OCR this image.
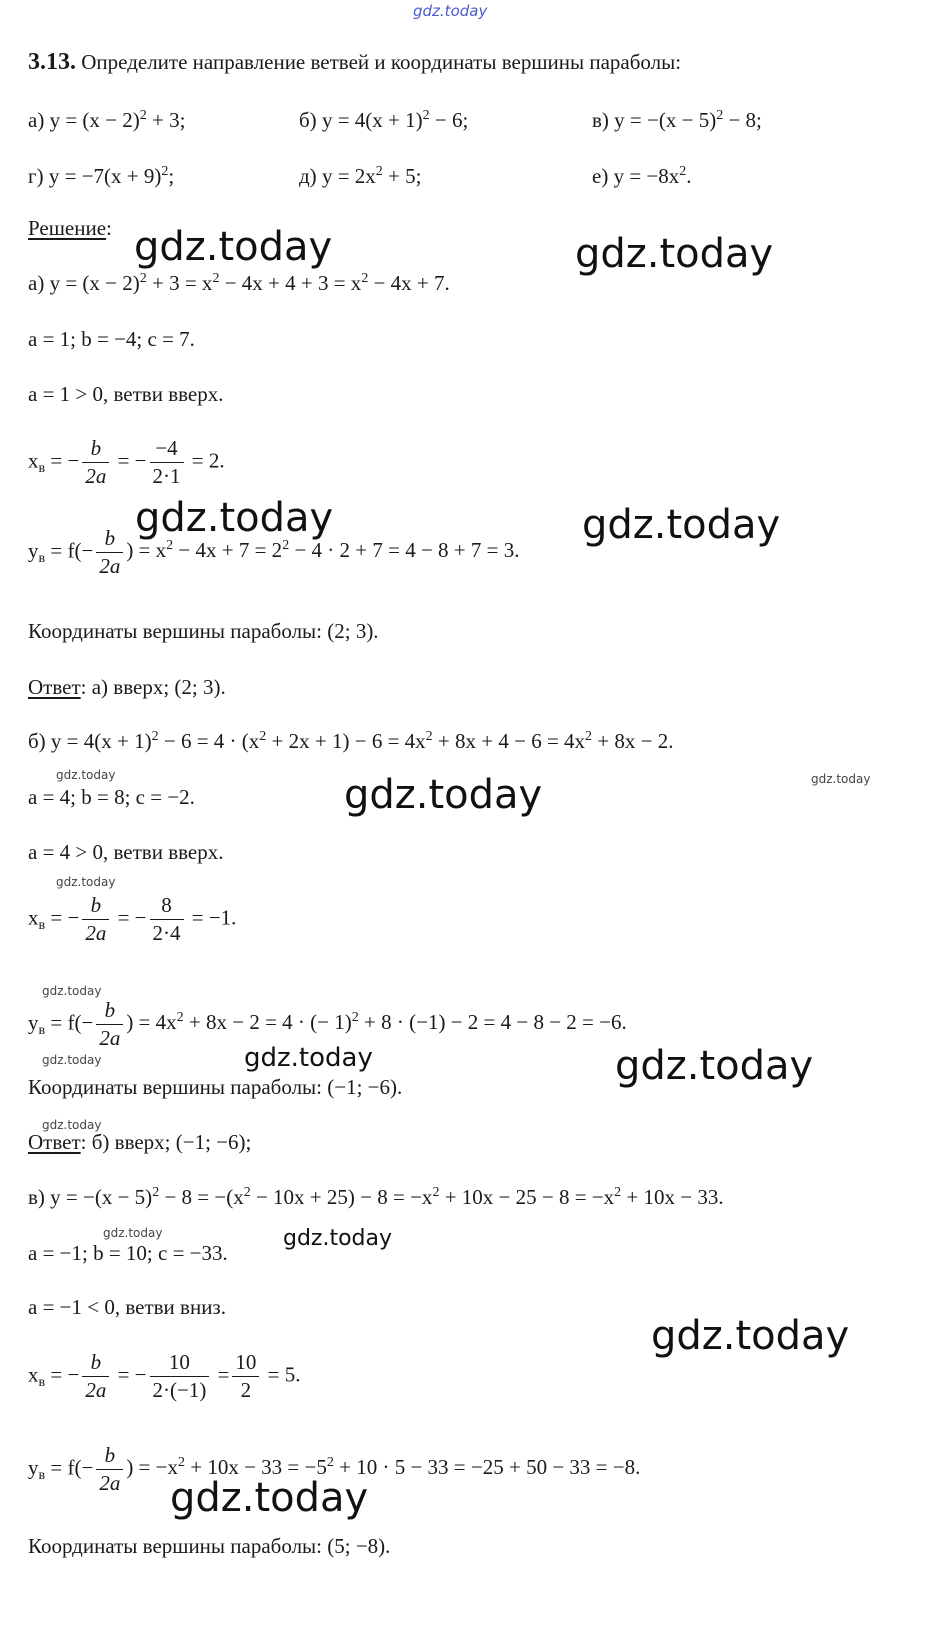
gdz.today
3.13. Определите направление ветвей и координаты вершины параболы:
а) $y = (x - 2)^2 + 3$;	б) $y = 4(x + 1)^2 - 6$;	в) $y = -(x - 5)^2 - 8$;
г) $y = -7(x + 9)^2$;	д) $y = 2x^2 + 5$;	е) $y = -8x^2$.
Решение: gdz.today	gdz.today
а) $y = (x - 2)^2 + 3 = x^2 - 4x + 4 + 3 = x^2 - 4x + 7$.
a = 1; b = −4; c = 7.
a = 1 > 0, ветви вверх.
$x_в$ = − $\frac{b}{2a}$ = − $\frac{-4}{2\cdot 1} = 2$.
gdz.today	gdz.today
$y_в = f(- \frac{b}{2a}$ ) = $x^2 - 4x + 7 = 2^2 - 4 \cdot 2 + 7 = 4 - 8 + 7 = 3$.
Координаты вершины параболы: (2; 3).
Ответ: а) вверх; (2; 3).
б) $y = 4(x + 1)^2 - 6 = 4 \cdot (x^2 + 2x + 1) - 6 = 4x^2 + 8x + 4 - 6 = 4x^2 + 8x - 2$.
gdz.today	gdz.today
gdz.today
a = 4; b = 8; c = −2.
a = 4 > 0, ветви вверх.
gdz.today
$x_в$ = − $\frac{b}{2a}$ = − $\frac{8}{2\cdot 4} = -1$.
gdz.today
$y_в = f(- \frac{b}{2a}$ ) = $4x^2 + 8x - 2 = 4$ · (− 1)$^2$ + 8 · (−1) − 2 = 4 − 8 − 2 = −6.
gdz.today	gdz.today	gdz.today
Координаты вершины параболы: (−1; −6).
gdz.today
Ответ: б) вверх; (−1; −6);
в) $y = -(x - 5)^2 - 8 = -(x^2 - 10x + 25) - 8 = -x^2 + 10x - 25 - 8 = -x^2 + 10x - 33$.
gdz.today	gdz.today
a = −1; b = 10; c = −33.
a = −1 < 0, ветви вниз.
gdz.today
$x_в$ = − $\frac{b}{2a}$ = − $\frac{10}{2\cdot(-1)} = \frac{10}{2} = 5$.
$y_в = f(- \frac{b}{2a}$ ) = $-x^2 + 10x - 33 = -5^2 + 10 \cdot 5 - 33 = -25 + 50 - 33 = -8$.
gdz.today
Координаты вершины параболы: (5; −8).
